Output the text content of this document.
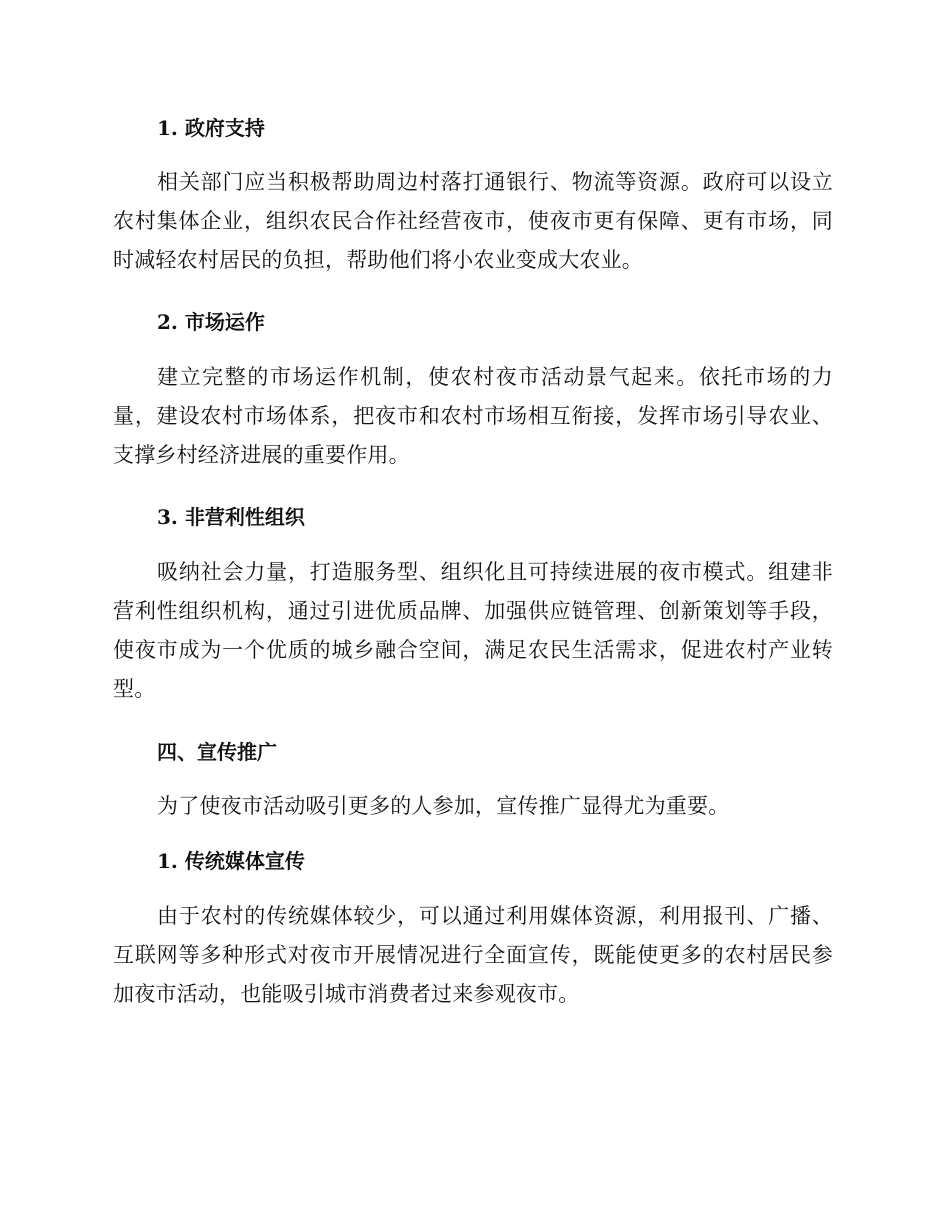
1. 政府支持
相关部门应当积极帮助周边村落打通银行、物流等资源。政府可以设立农村集体企业，组织农民合作社经营夜市，使夜市更有保障、更有市场，同时减轻农村居民的负担，帮助他们将小农业变成大农业。
2. 市场运作
建立完整的市场运作机制，使农村夜市活动景气起来。依托市场的力量，建设农村市场体系，把夜市和农村市场相互衔接，发挥市场引导农业、支撑乡村经济进展的重要作用。
3. 非营利性组织
吸纳社会力量，打造服务型、组织化且可持续进展的夜市模式。组建非营利性组织机构，通过引进优质品牌、加强供应链管理、创新策划等手段，使夜市成为一个优质的城乡融合空间，满足农民生活需求，促进农村产业转型。
四、宣传推广
为了使夜市活动吸引更多的人参加，宣传推广显得尤为重要。
1. 传统媒体宣传
由于农村的传统媒体较少，可以通过利用媒体资源，利用报刊、广播、互联网等多种形式对夜市开展情况进行全面宣传，既能使更多的农村居民参加夜市活动，也能吸引城市消费者过来参观夜市。
